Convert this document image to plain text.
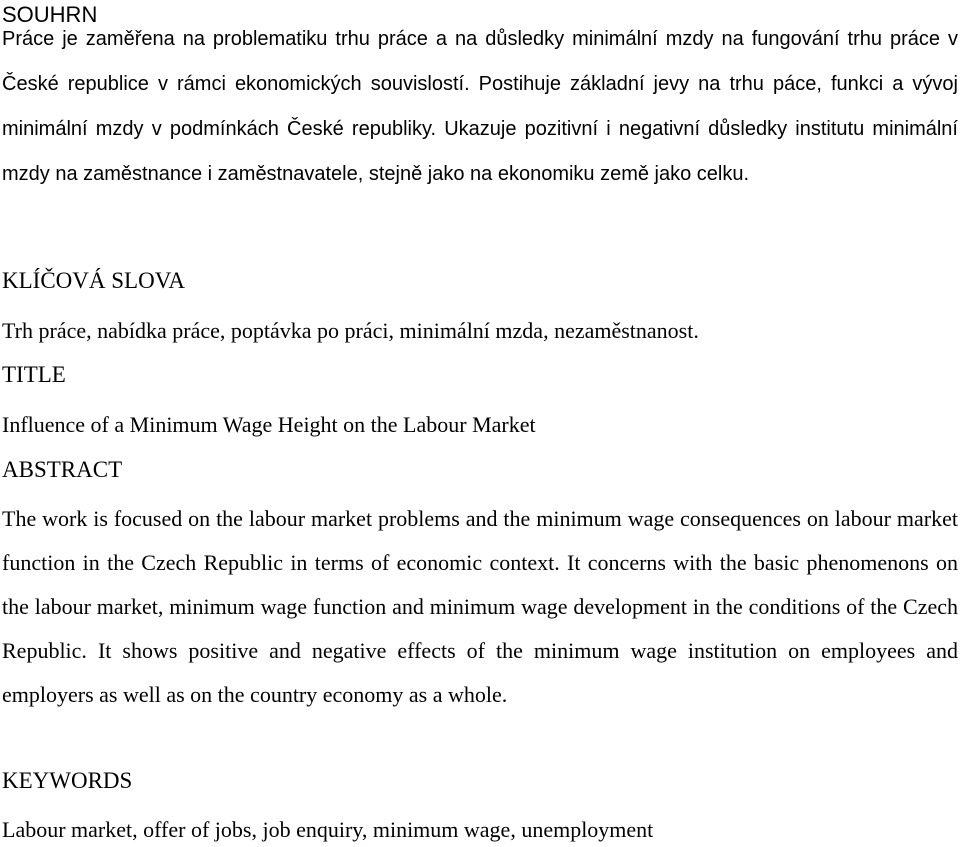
SOUHRN

Práce je zaměřena na problematiku trhu práce a na důsledky minimální mzdy na fungování trhu práce v České republice v rámci ekonomických souvislostí. Postihuje základní jevy na trhu páce, funkci a vývoj minimální mzdy v podmínkách České republiky. Ukazuje pozitivní i negativní důsledky institutu minimální mzdy na zaměstnance i zaměstnavatele, stejně jako na ekonomiku země jako celku.

KLÍČOVÁ SLOVA
Trh práce, nabídka práce, poptávka po práci, minimální mzda, nezaměstnanost.
TITLE
Influence of a Minimum Wage Height on the Labour Market
ABSTRACT

The work is focused on the labour market problems and the minimum wage consequences on labour market function in the Czech Republic in terms of economic context. It concerns with the basic phenomenons on the labour market, minimum wage function and minimum wage development in the conditions of the Czech Republic. It shows positive and negative effects of the minimum wage institution on employees and employers as well as on the country economy as a whole.

KEYWORDS
Labour market, offer of jobs, job enquiry, minimum wage, unemployment
